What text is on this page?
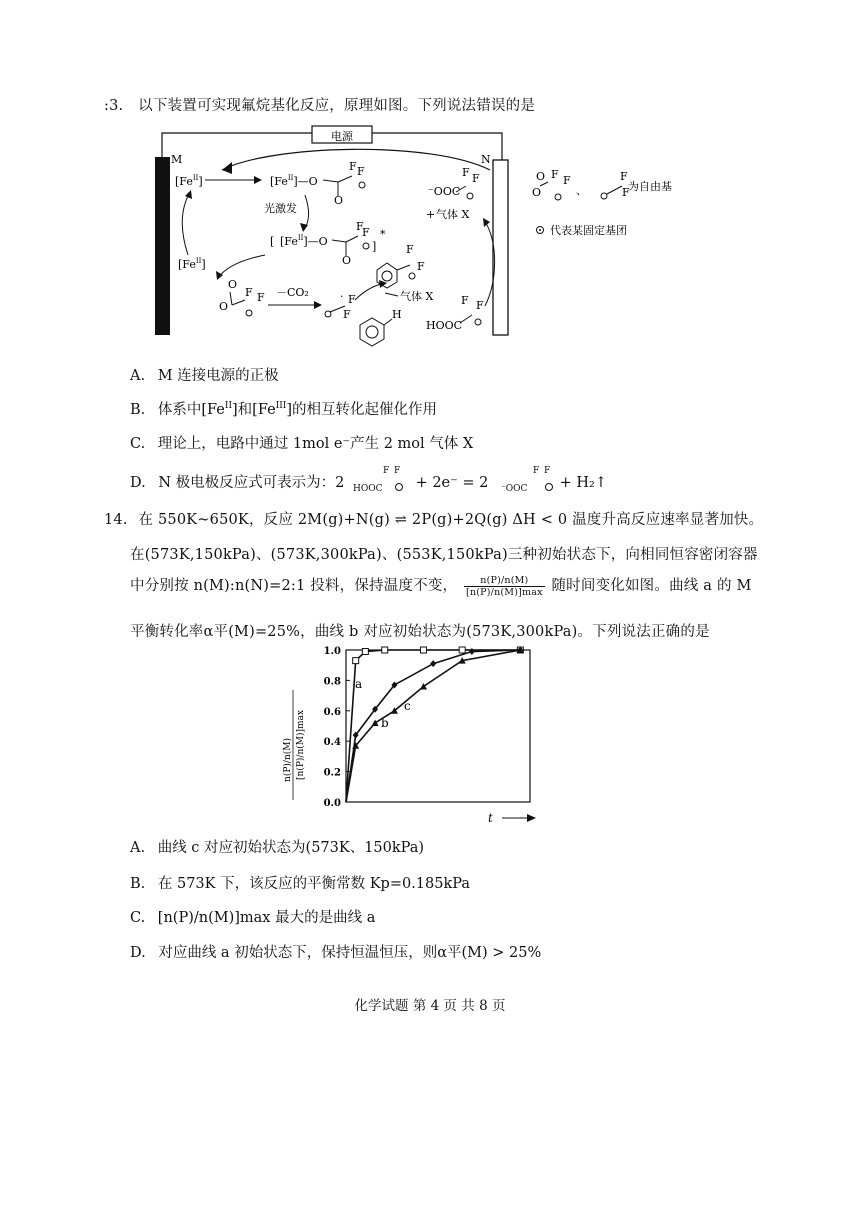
:3. 以下装置可实现氟烷基化反应，原理如图。下列说法错误的是
电源
M	N
$[Fe^{II}]$	$[Fe^{II}]—O$
O
F F
光激发
[ $[Fe^{II}]—O$
O
F
F
]
*
$[Fe^{II}]$
O
O
F F －CO₂	· F
F	H
气体 X
F
F
⁻OOC
F F
+ 气体 X
HOOC
F F
O
O F F
、
F
F
为自由基
代表某固定基团
A. M 连接电源的正极
B. 体系中$[Fe^{II}]$和$[Fe^{III}]$的相互转化起催化作用
C. 理论上，电路中通过 1mol e⁻产生 2 mol 气体 X
D. N 极电极反应式可表示为：2 HOOC
F F
+ 2e⁻ = 2 ⁻OOC
F F
+ H₂↑
14. 在 550K~650K，反应 2M(g)+N(g) ⇌ 2P(g)+2Q(g) ΔH < 0 温度升高反应速率显著加快。
在(573K,150kPa)、(573K,300kPa)、(553K,150kPa)三种初始状态下，向相同恒容密闭容器
中分别按 n(M):n(N)=2:1 投料，保持温度不变， $\frac{n(P)/n(M)}{[n(P)/n(M)]\max}$ 随时间变化如图。曲线 a 的 M
平衡转化率α平(M)=25%，曲线 b 对应初始状态为(573K,300kPa)。下列说法正确的是
0.0
0.2
0.4
0.6
0.8
1.0
a
b
c
n(P)/n(M) [n(P)/n(M)]max
t
A. 曲线 c 对应初始状态为(573K、150kPa)
B. 在 573K 下，该反应的平衡常数 Kp=0.185kPa
C. [n(P)/n(M)]max 最大的是曲线 a
D. 对应曲线 a 初始状态下，保持恒温恒压，则α平(M) > 25%
化学试题 第 4 页 共 8 页
